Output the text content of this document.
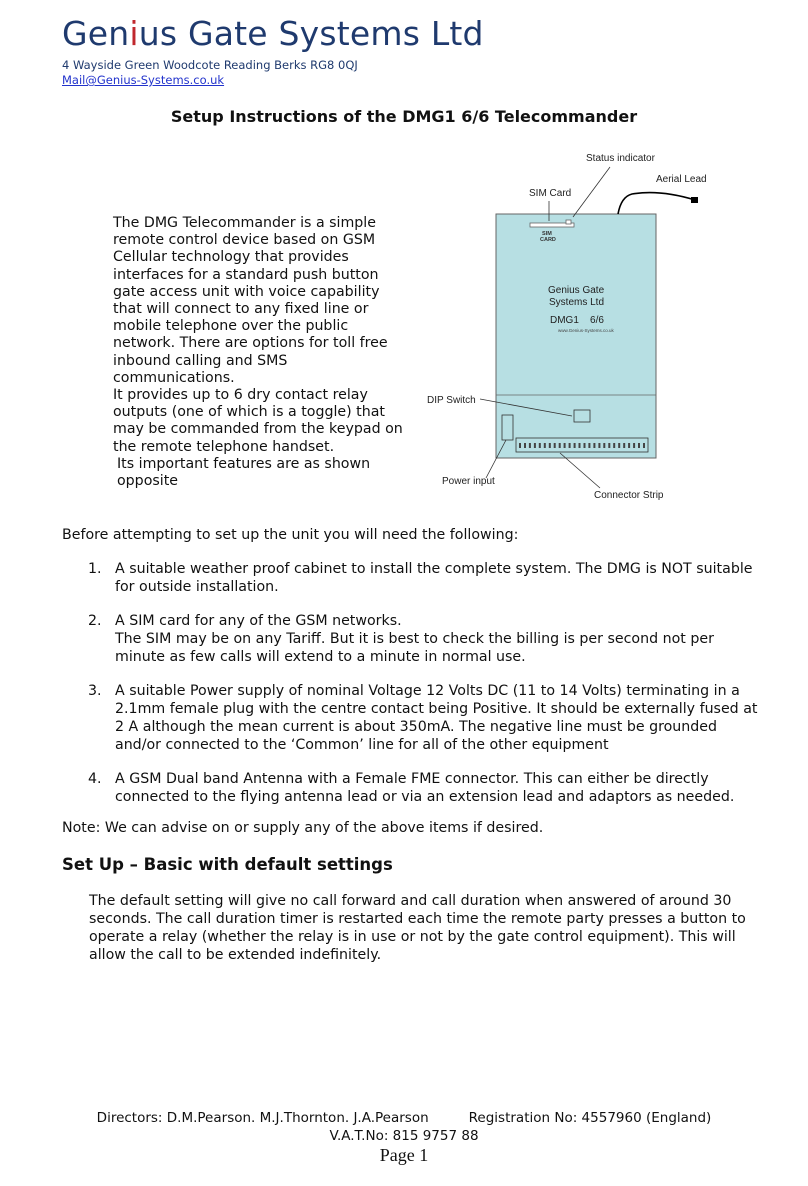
Genius Gate Systems Ltd
4 Wayside Green Woodcote Reading Berks RG8 0QJ
Mail@Genius-Systems.co.uk
Setup Instructions of the DMG1 6/6 Telecommander

The DMG Telecommander is a simple remote control device based on GSM Cellular technology that provides interfaces for a standard push button gate access unit with voice capability that will connect to any fixed line or mobile telephone over the public network. There are options for toll free inbound calling and SMS communications.

It provides up to 6 dry contact relay outputs (one of which is a toggle) that may be commanded from the keypad on the remote telephone handset.

Its important features are as shown opposite

SIM
CARD
Genius Gate
Systems Ltd
DMG1    6/6
www.Genius-Systems.co.uk
Status indicator
Aerial Lead
SIM Card
DIP Switch
Power input
Connector Strip
Before attempting to set up the unit you will need the following:
1. A suitable weather proof cabinet to install the complete system. The DMG is NOT suitable for outside installation.

2. A SIM card for any of the GSM networks.

The SIM may be on any Tariff. But it is best to check the billing is per second not per minute as few calls will extend to a minute in normal use.

3. A suitable Power supply of nominal Voltage 12 Volts DC (11 to 14 Volts) terminating in a 2.1mm female plug with the centre contact being Positive. It should be externally fused at 2 A although the mean current is about 350mA. The negative line must be grounded and/or connected to the ‘Common’ line for all of the other equipment

4. A GSM Dual band Antenna with a Female FME connector. This can either be directly connected to the flying antenna lead or via an extension lead and adaptors as needed.

Note: We can advise on or supply any of the above items if desired.
Set Up – Basic with default settings
The default setting will give no call forward and call duration when answered of around 30 seconds. The call duration timer is restarted each time the remote party presses a button to operate a relay (whether the relay is in use or not by the gate control equipment). This will allow the call to be extended indefinitely.
Directors: D.M.Pearson. M.J.Thornton. J.A.Pearson	Registration No: 4557960 (England)
V.A.T.No: 815 9757 88
Page 1
